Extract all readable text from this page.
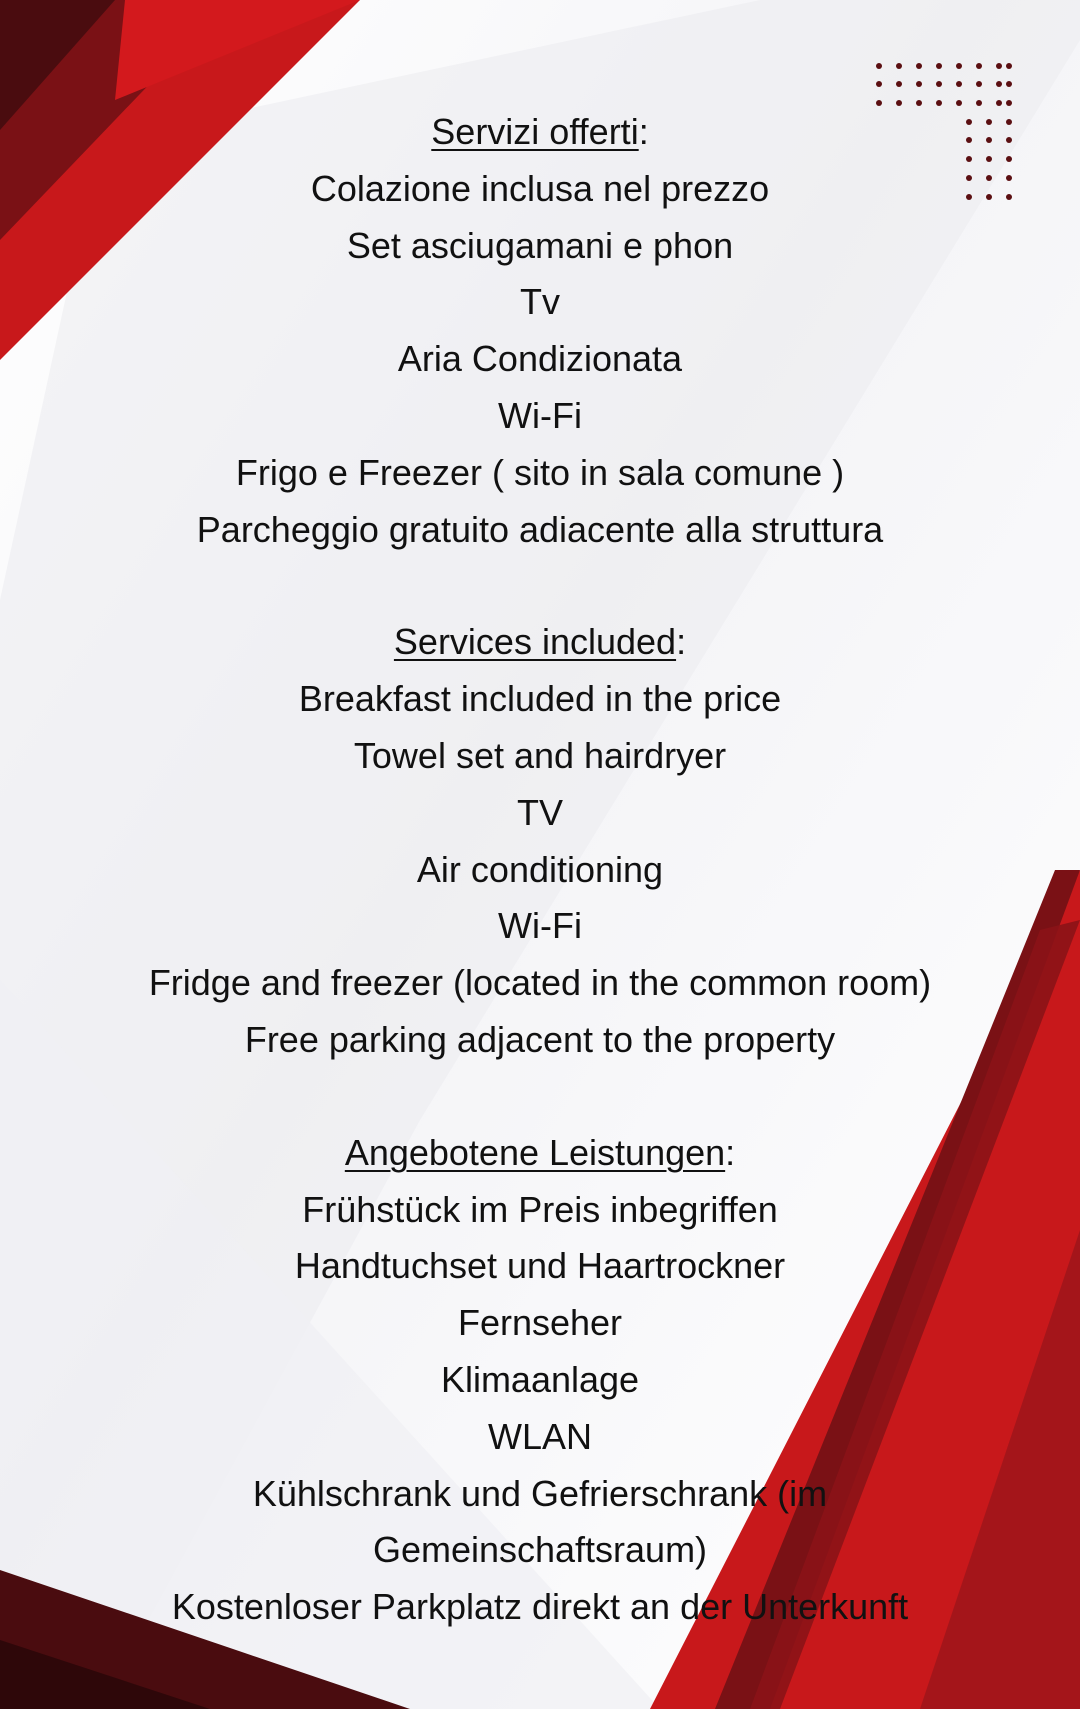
Servizi offerti:

Colazione inclusa nel prezzo

Set asciugamani e phon

Tv

Aria Condizionata

Wi-Fi

Frigo e Freezer ( sito in sala comune )

Parcheggio gratuito adiacente alla struttura

Services included:

Breakfast included in the price

Towel set and hairdryer

TV

Air conditioning

Wi-Fi

Fridge and freezer (located in the common room)

Free parking adjacent to the property

Angebotene Leistungen:

Frühstück im Preis inbegriffen

Handtuchset und Haartrockner

Fernseher

Klimaanlage

WLAN

Kühlschrank und Gefrierschrank (im Gemeinschaftsraum)

Kostenloser Parkplatz direkt an der Unterkunft
